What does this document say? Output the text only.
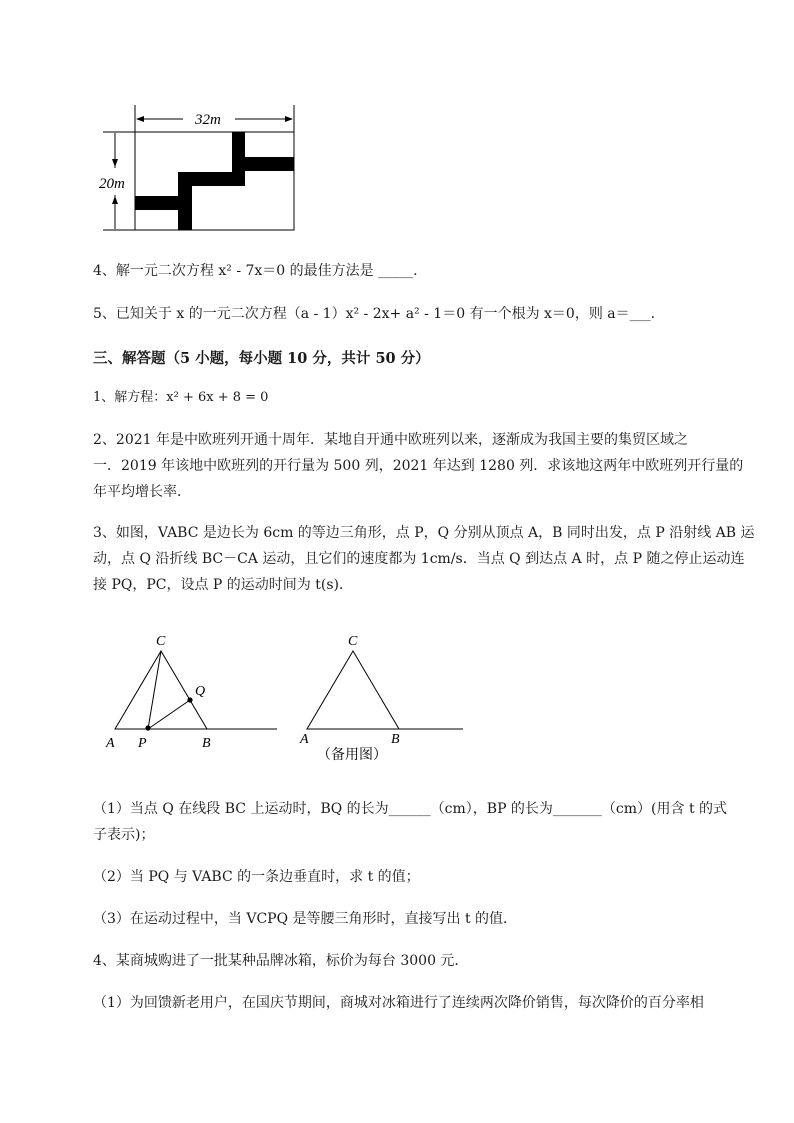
32m
20m
4、解一元二次方程 x² - 7x＝0 的最佳方法是 _____.
5、已知关于 x 的一元二次方程（a - 1）x² - 2x+ a² - 1＝0 有一个根为 x＝0，则 a＝___.
三、解答题（5 小题，每小题 10 分，共计 50 分）
1、解方程：x² + 6x + 8 = 0
2、2021 年是中欧班列开通十周年．某地自开通中欧班列以来，逐渐成为我国主要的集贸区域之
一．2019 年该地中欧班列的开行量为 500 列，2021 年达到 1280 列．求该地这两年中欧班列开行量的
年平均增长率．
3、如图，VABC 是边长为 6cm 的等边三角形，点 P，Q 分别从顶点 A，B 同时出发，点 P 沿射线 AB 运
动，点 Q 沿折线 BC－CA 运动，且它们的速度都为 1cm/s．当点 Q 到达点 A 时，点 P 随之停止运动连
接 PQ，PC，设点 P 的运动时间为 t(s)．
C
Q
A P	B
C
A	B
（备用图）
（1）当点 Q 在线段 BC 上运动时，BQ 的长为______（cm），BP 的长为_______（cm）(用含 t 的式
子表示)；
（2）当 PQ 与 VABC 的一条边垂直时，求 t 的值；
（3）在运动过程中，当 VCPQ 是等腰三角形时，直接写出 t 的值．
4、某商城购进了一批某种品牌冰箱，标价为每台 3000 元．
（1）为回馈新老用户，在国庆节期间，商城对冰箱进行了连续两次降价销售，每次降价的百分率相
